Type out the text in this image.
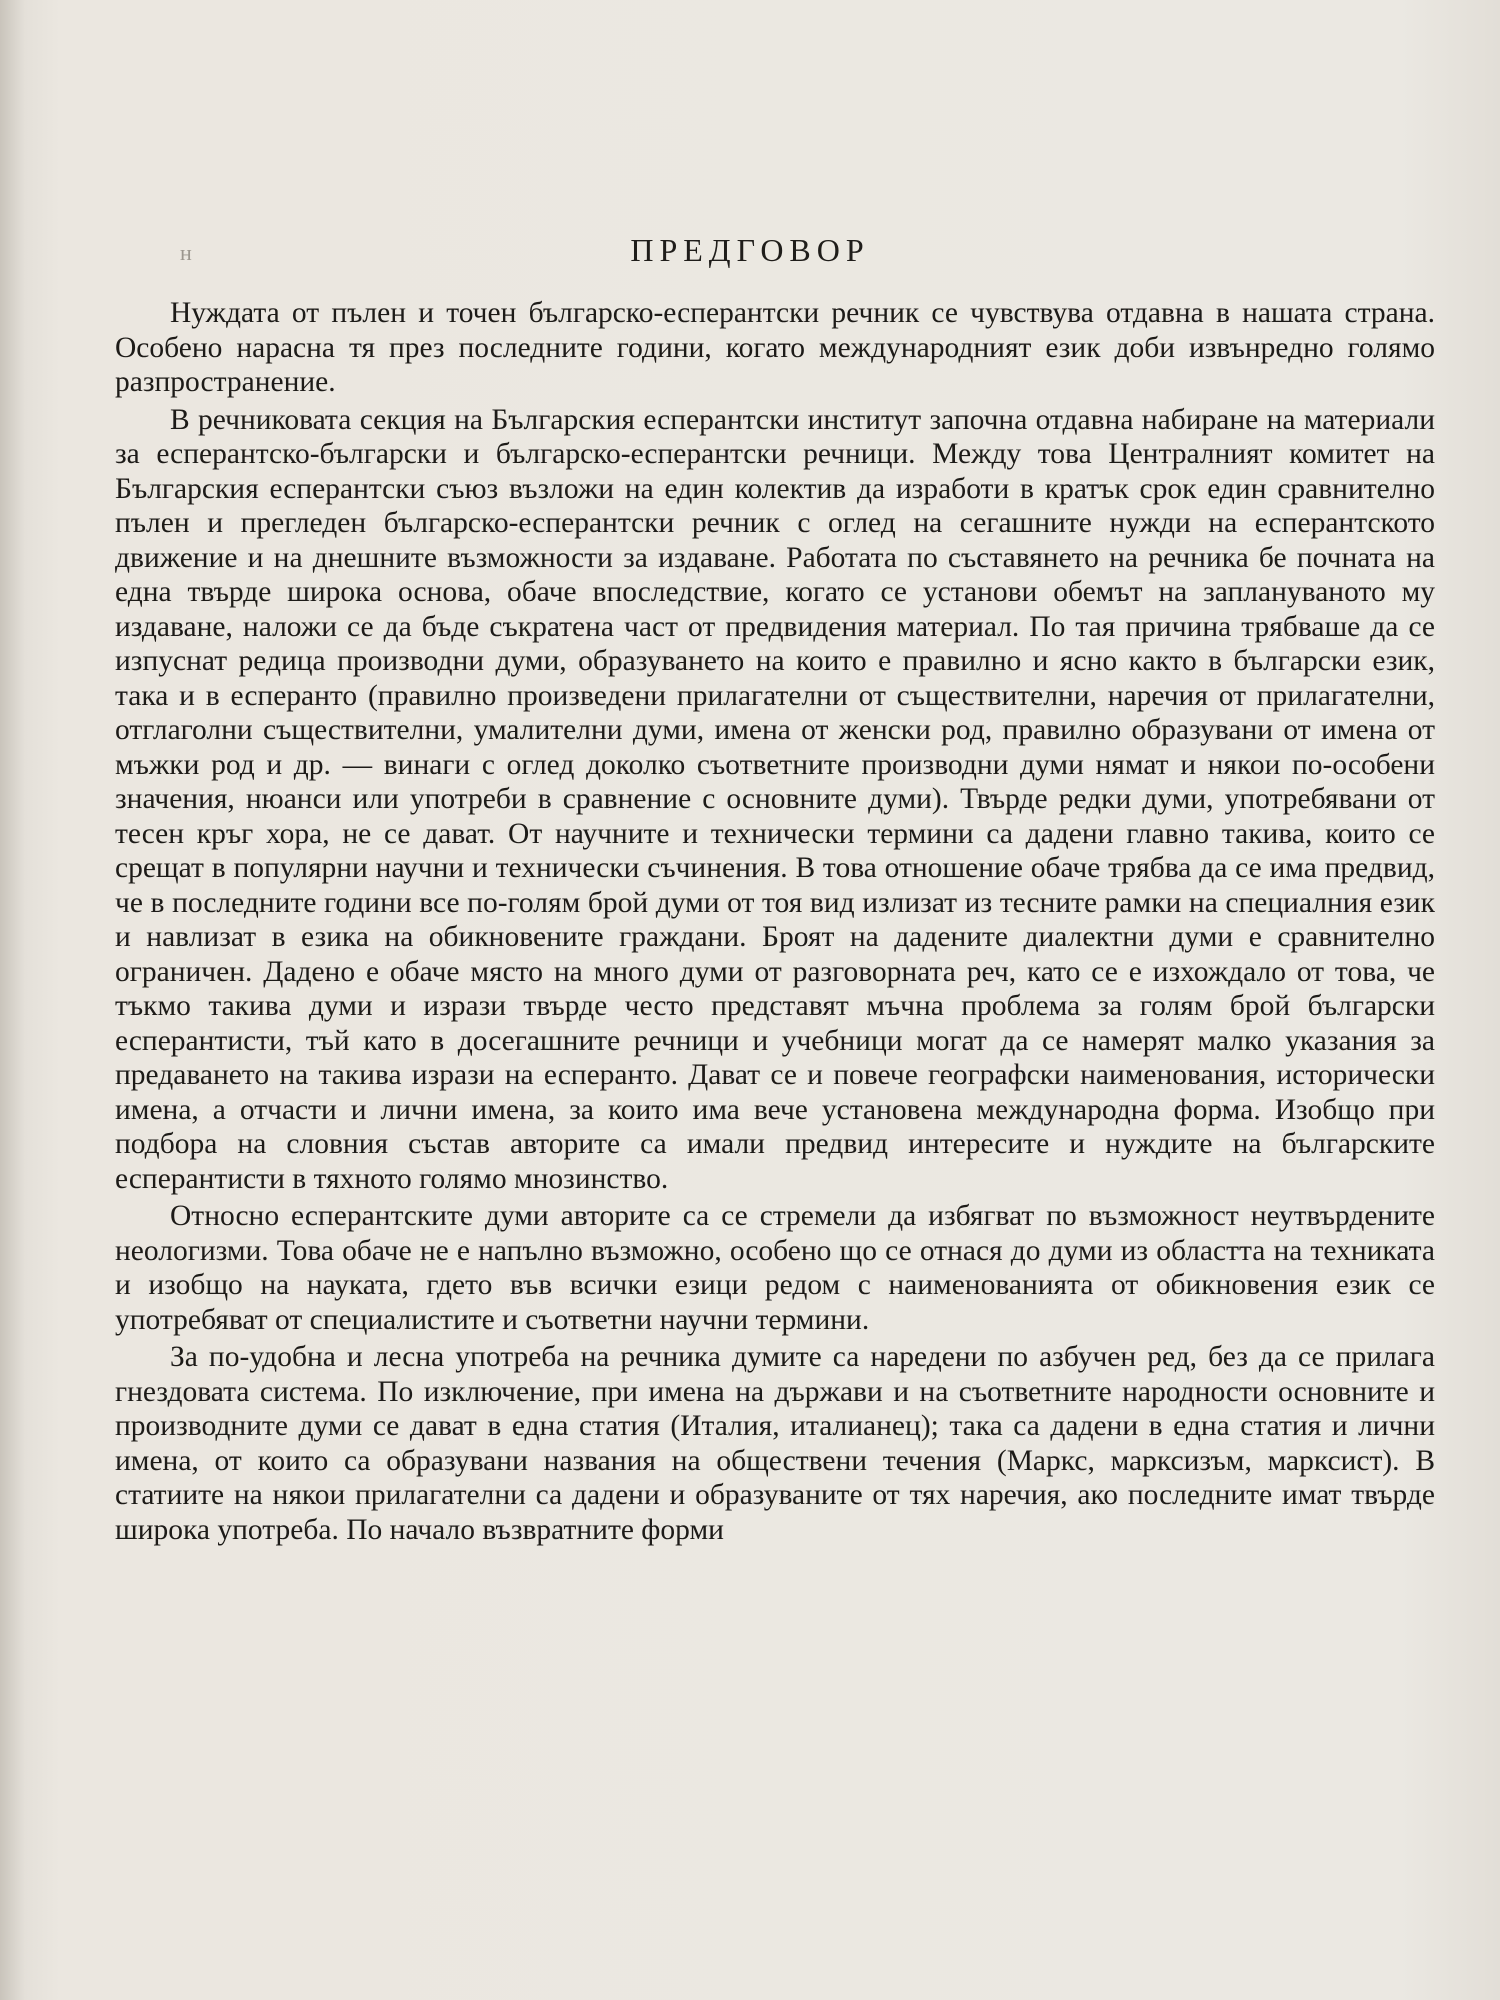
н	ПРЕДГОВОР

Нуждата от пълен и точен българско-есперантски речник се чувствува отдавна в нашата страна. Особено нарасна тя през последните години, когато международният език доби извънредно голямо разпространение.

В речниковата секция на Българския есперантски институт започна отдавна набиране на материали за есперантско-български и българско-есперантски речници. Между това Централният комитет на Българския есперантски съюз възложи на един колектив да изработи в кратък срок един сравнително пълен и прегледен българско-есперантски речник с оглед на сегашните нужди на есперантското движение и на днешните възможности за издаване. Работата по съставянето на речника бе почната на една твърде широка основа, обаче впоследствие, когато се установи обемът на заплануваното му издаване, наложи се да бъде съкратена част от предвидения материал. По тая причина трябваше да се изпуснат редица производни думи, образуването на които е правилно и ясно както в български език, така и в есперанто (правилно произведени прилагателни от съществителни, наречия от прилагателни, отглаголни съществителни, умалителни думи, имена от женски род, правилно образувани от имена от мъжки род и др. — винаги с оглед доколко съответните производни думи нямат и някои по-особени значения, нюанси или употреби в сравнение с основните думи). Твърде редки думи, употребявани от тесен кръг хора, не се дават. От научните и технически термини са дадени главно такива, които се срещат в популярни научни и технически съчинения. В това отношение обаче трябва да се има предвид, че в последните години все по-голям брой думи от тоя вид излизат из тесните рамки на специалния език и навлизат в езика на обикновените граждани. Броят на дадените диалектни думи е сравнително ограничен. Дадено е обаче място на много думи от разговорната реч, като се е изхождало от това, че тъкмо такива думи и изрази твърде често представят мъчна проблема за голям брой български есперантисти, тъй като в досегашните речници и учебници могат да се намерят малко указания за предаването на такива изрази на есперанто. Дават се и повече географски наименования, исторически имена, а отчасти и лични имена, за които има вече установена международна форма. Изобщо при подбора на словния състав авторите са имали предвид интересите и нуждите на българските есперантисти в тяхното голямо мнозинство.

Относно есперантските думи авторите са се стремели да избягват по възможност неутвърдените неологизми. Това обаче не е напълно възможно, особено що се отнася до думи из областта на техниката и изобщо на науката, гдето във всички езици редом с наименованията от обикновения език се употребяват от специалистите и съответни научни термини.

За по-удобна и лесна употреба на речника думите са наредени по азбучен ред, без да се прилага гнездовата система. По изключение, при имена на държави и на съответните народности основните и производните думи се дават в една статия (Италия, италианец); така са дадени в една статия и лични имена, от които са образувани названия на обществени течения (Маркс, марксизъм, марксист). В статиите на някои прилагателни са дадени и образуваните от тях наречия, ако последните имат твърде широка употреба. По начало възвратните форми
